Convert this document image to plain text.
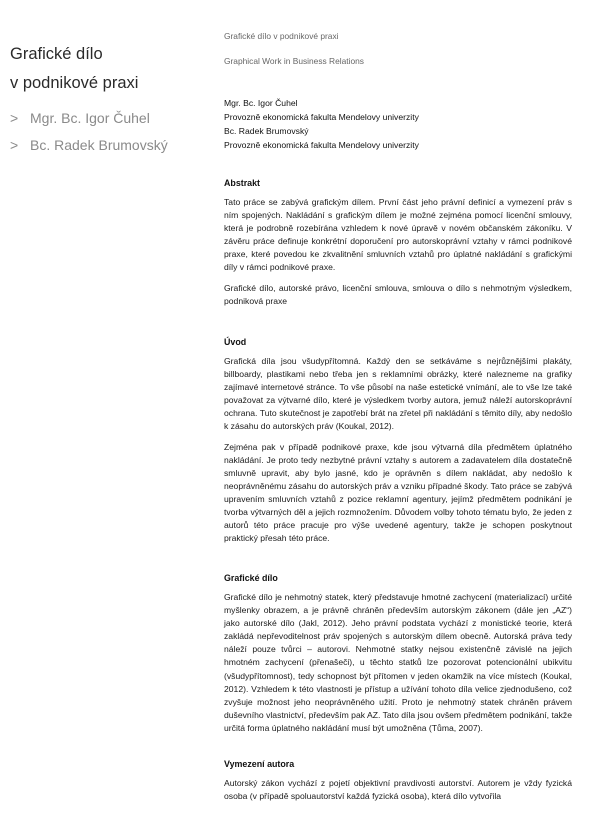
Grafické dílo
v podnikové praxi
> Mgr. Bc. Igor Čuhel
> Bc. Radek Brumovský
Grafické dílo v podnikové praxi
Graphical Work in Business Relations
Mgr. Bc. Igor Čuhel
Provozně ekonomická fakulta Mendelovy univerzity
Bc. Radek Brumovský
Provozně ekonomická fakulta Mendelovy univerzity
Abstrakt
Tato práce se zabývá grafickým dílem. První část jeho právní definicí a vymezení práv s ním spojených. Nakládání s grafickým dílem je možné zejména pomocí licenční smlouvy, která je podrobně rozebírána vzhledem k nové úpravě v novém občanském zákoníku. V závěru práce definuje konkrétní doporučení pro autorskoprávní vztahy v rámci podnikové praxe, které povedou ke zkvalitnění smluvních vztahů pro úplatné nakládání s grafickými díly v rámci podnikové praxe.
Grafické dílo, autorské právo, licenční smlouva, smlouva o dílo s nehmotným výsledkem, podniková praxe
Úvod
Grafická díla jsou všudypřítomná. Každý den se setkáváme s nejrůznějšími plakáty, billboardy, plastikami nebo třeba jen s reklamními obrázky, které nalezneme na grafiky zajímavé internetové stránce. To vše působí na naše estetické vnímání, ale to vše lze také považovat za výtvarné dílo, které je výsledkem tvorby autora, jemuž náleží autorskoprávní ochrana. Tuto skutečnost je zapotřebí brát na zřetel při nakládání s těmito díly, aby nedošlo k zásahu do autorských práv (Koukal, 2012).
Zejména pak v případě podnikové praxe, kde jsou výtvarná díla předmětem úplatného nakládání. Je proto tedy nezbytné právní vztahy s autorem a zadavatelem díla dostatečně smluvně upravit, aby bylo jasné, kdo je oprávněn s dílem nakládat, aby nedošlo k neoprávněnému zásahu do autorských práv a vzniku případné škody. Tato práce se zabývá upravením smluvních vztahů z pozice reklamní agentury, jejímž předmětem podnikání je tvorba výtvarných děl a jejich rozmnožením. Důvodem volby tohoto tématu bylo, že jeden z autorů této práce pracuje pro výše uvedené agentury, takže je schopen poskytnout praktický přesah této práce.
Grafické dílo
Grafické dílo je nehmotný statek, který představuje hmotné zachycení (materializací) určité myšlenky obrazem, a je právně chráněn především autorským zákonem (dále jen „AZ“) jako autorské dílo (Jakl, 2012). Jeho právní podstata vychází z monistické teorie, která zakládá nepřevoditelnost práv spojených s autorským dílem obecně. Autorská práva tedy náleží pouze tvůrci – autorovi. Nehmotné statky nejsou existenčně závislé na jejich hmotném zachycení (přenašeči), u těchto statků lze pozorovat potencionální ubikvitu (všudypřítomnost), tedy schopnost být přítomen v jeden okamžik na více místech (Koukal, 2012). Vzhledem k této vlastnosti je přístup a užívání tohoto díla velice zjednodušeno, což zvyšuje možnost jeho neoprávněného užití. Proto je nehmotný statek chráněn právem duševního vlastnictví, především pak AZ. Tato díla jsou ovšem předmětem podnikání, takže určitá forma úplatného nakládání musí být umožněna (Tůma, 2007).
Vymezení autora
Autorský zákon vychází z pojetí objektivní pravdivosti autorství. Autorem je vždy fyzická osoba (v případě spoluautorství každá fyzická osoba), která dílo vytvořila
